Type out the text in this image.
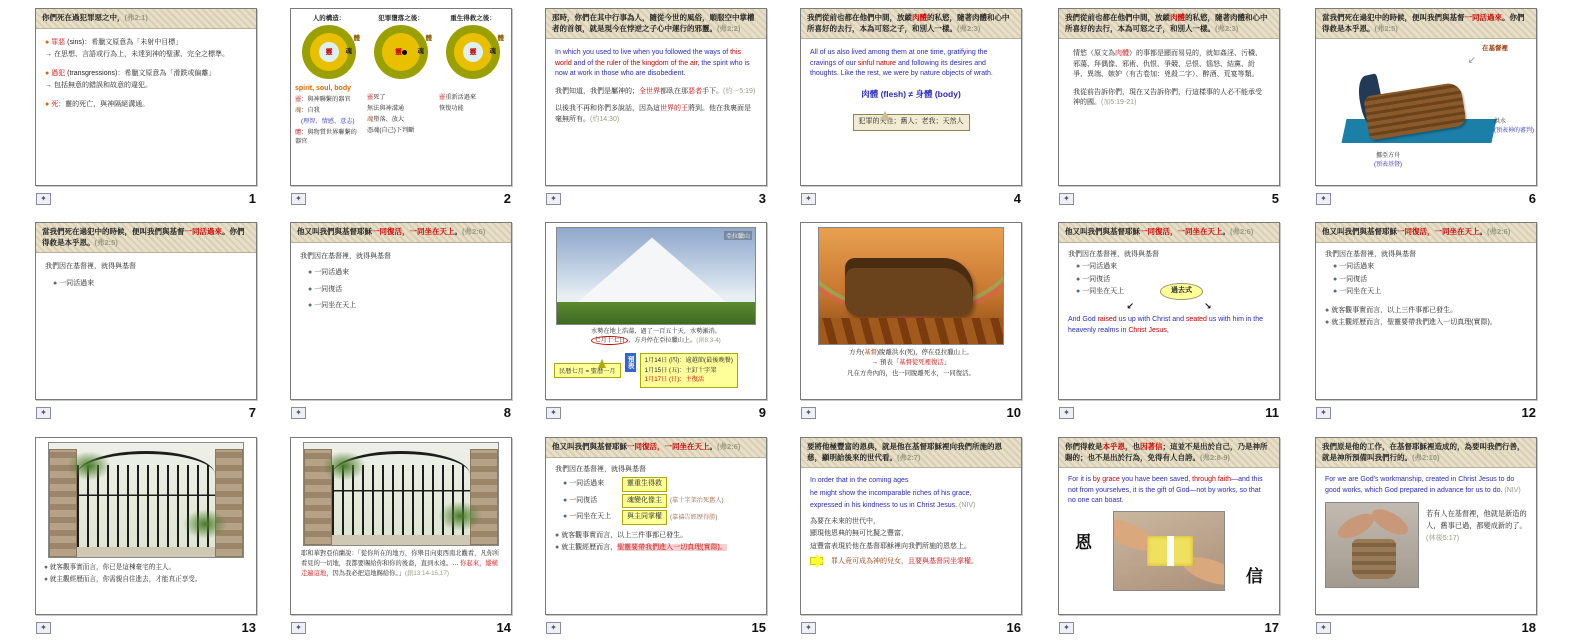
你們死在過犯罪惡之中，(弗2:1)
● 罪惡 (sins)：希臘文原意為「未射中目標」
→ 在思想、言語或行為上，未達到神的聖潔、完全之標準。
● 過犯 (transgressions)：希臘文原意為「滑跌或偏離」
→ 包括無意的錯誤和故意的違犯。
● 死：靈的死亡，與神隔絕溝通。
✦	1
人的構造：
體
魂
靈
犯罪墮落之後：
體
魂
靈
重生得救之後：
體
魂
靈
spirit, soul, body
靈：與神聯繫的器官
魂：自我
(理智、情感、意志)
體：與物質世界聯繫的器官
靈死了
無法與神溝通
魂墮落、放大
憑魂(自己)下判斷
靈重新活過來
恢復功能
✦	2
那時，你們在其中行事為人，隨從今世的風俗，順服空中掌權者的首領，就是現今在悖逆之子心中運行的邪靈。(弗2:2)
In which you used to live when you followed the ways of this world and of the ruler of the kingdom of the air, the spirit who is now at work in those who are disobedient.
我們知道，我們是屬神的；全世界都臥在那惡者手下。(約一5:19)
以後我不再和你們多說話，因為這世界的王將到。他在我裏面是毫無所有。(約14:30)
✦	3
我們從前也都在他們中間，放縱肉體的私慾，隨著肉體和心中所喜好的去行，本為可怒之子，和別人一樣。(弗2:3)
All of us also lived among them at one time, gratifying the cravings of our sinful nature and following its desires and thoughts. Like the rest, we were by nature objects of wrath.
肉體 (flesh) ≠ 身體 (body)
犯罪的天性；舊人；老我；天然人
✦	4
我們從前也都在他們中間，放縱肉體的私慾，隨著肉體和心中所喜好的去行，本為可怒之子，和別人一樣。(弗2:3)
情慾（原文為肉體）的事都是顯而易見的，就如姦淫、污穢、邪蕩、拜偶像、邪術、仇恨、爭競、忌恨、惱怒、結黨、紛爭、異端、嫉妒（有古卷加：兇殺二字）、醉酒、荒宴等類。
我從前告訴你們，現在又告訴你們，行這樣事的人必不能承受神的國。(加5:19-21)
✦	5
當我們死在過犯中的時候，便叫我們與基督一同活過來。你們得救是本乎恩。(弗2:5)
在基督裡
↙
洪水
(預表神的審判)
挪亞方舟
(預表基督)
✦	6
當我們死在過犯中的時候，便叫我們與基督一同活過來。你們得救是本乎恩。(弗2:5)
我們因在基督裡，就得與基督
● 一同活過來
✦	7
他又叫我們與基督耶穌一同復活，一同坐在天上。(弗2:6)
我們因在基督裡，就得與基督
● 一同活過來
● 一同復活
● 一同坐在天上
✦	8
亞拉臘山
水勢在地上浩蕩，過了一百五十天，水勢漸消。
七月十七日 ，方舟停在亞拉臘山上。(創8:3-4)
民曆七月 = 聖曆一月
預表	1月14日 (四)：逾越節(最後晚餐)
1月15日 (五)：主釘十字架
1月17日 (日)：主復活
✦	9
方舟(基督)脫離洪水(死)，停在亞拉臘山上。
→ 預表「基督從死裡復活」
凡在方舟內的，也一同脫離死水，一同復活。
✦	10
他又叫我們與基督耶穌一同復活，一同坐在天上。(弗2:6)
我們因在基督裡，就得與基督
● 一同活過來
● 一同復活
● 一同坐在天上	過去式
↙	↘
And God raised us up with Christ and seated us with him in the heavenly realms in Christ Jesus,
✦	11
他又叫我們與基督耶穌一同復活，一同坐在天上。(弗2:6)
我們因在基督裡，就得與基督
● 一同活過來
● 一同復活
● 一同坐在天上
● 就客觀事實而言，以上三件事都已發生。
● 就主觀經歷而言，聖靈要帶我們進入一切真理(實際)。
✦	12
● 就客觀事實而言，你已是這棟豪宅的主人。
● 就主觀經歷而言，你需親自住進去，才能真正享受。
✦	13
耶和華對亞伯蘭說：「從你所在的地方，你舉目向東西南北觀看，凡你所看見的一切地，我都要賜給你和你的後裔，直到永遠。… 你起來，縱橫走遍這地，因為我必把這地賜給你。」(創13:14-15,17)
✦	14
他又叫我們與基督耶穌一同復活，一同坐在天上。(弗2:6)
我們因在基督裡，就得與基督
● 一同活過來	靈重生得救
● 一同復活	魂變化像主	(靠十字架治死舊人)
● 一同坐在天上	與主同掌權	(靠禱告經歷得勝)
● 就客觀事實而言，以上三件事都已發生。
● 就主觀經歷而言，聖靈要帶我們進入一切真理(實際)。
✦	15
要將他極豐富的恩典，就是他在基督耶穌裡向我們所施的恩慈，顯明給後來的世代看。(弗2:7)
In order that in the coming ages
he might show the incomparable riches of his grace,
expressed in his kindness to us in Christ Jesus. (NIV)
為要在未來的世代中，
顯現他恩典的無可比擬之豐富，
這豐富表現於他在基督耶穌裡向我們所施的恩慈上。
罪人竟可成為神的兒女，且要與基督同坐掌權。
✦	16
你們得救是本乎恩，也因著信；這並不是出於自己，乃是神所賜的；也不是出於行為，免得有人自誇。(弗2:8-9)
For it is by grace you have been saved, through faith—and this not from yourselves, it is the gift of God—not by works, so that no one can boast.
恩
信
✦	17
我們原是他的工作，在基督耶穌裡造成的，為要叫我們行善，就是神所預備叫我們行的。(弗2:10)
For we are God's workmanship, created in Christ Jesus to do good works, which God prepared in advance for us to do. (NIV)
若有人在基督裡，他就是新造的人，舊事已過，都變成新的了。(林後5:17)
✦	18
